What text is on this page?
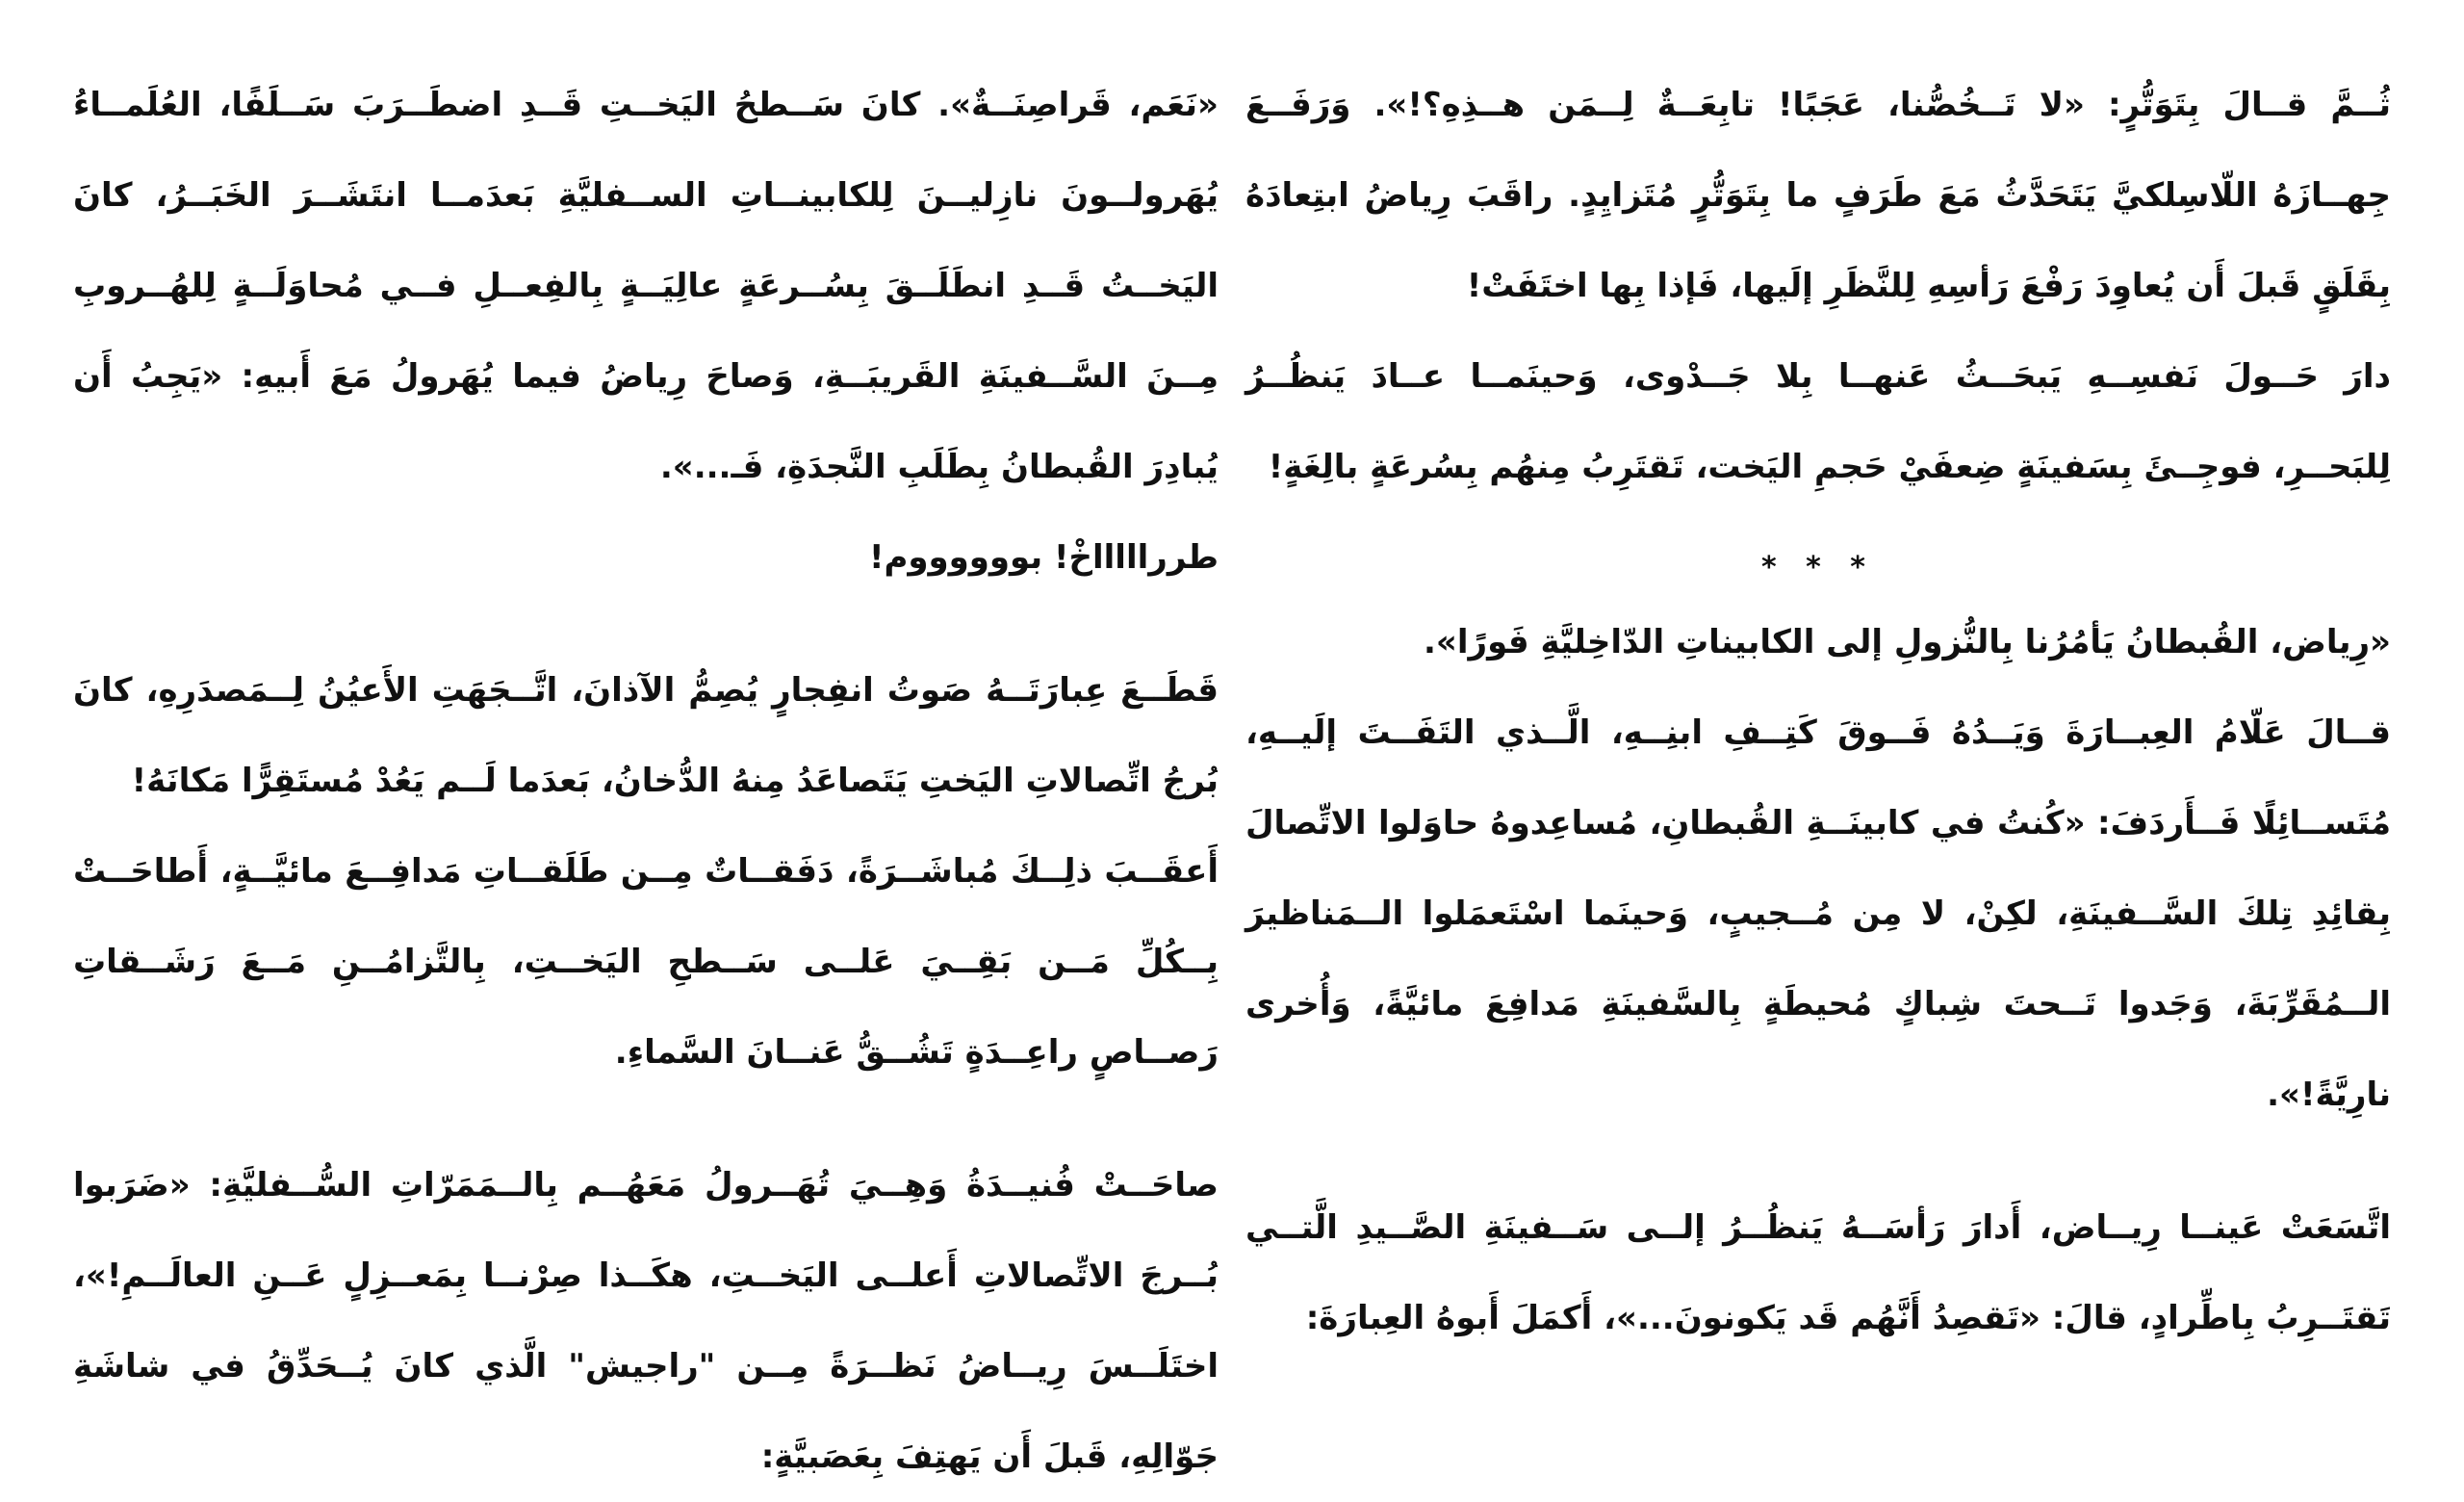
ثُــمَّ قــالَ بِتَوَتُّرٍ: «لا تَــخُصُّنا، عَجَبًا! تابِعَــةٌ لِــمَن هــذِهِ؟!». وَرَفَــعَ جِهــازَهُ اللّاسِلكيَّ يَتَحَدَّثُ مَعَ طَرَفٍ ما بِتَوَتُّرٍ مُتَزايِدٍ. راقَبَ رِياضُ ابتِعادَهُ بِقَلَقٍ قَبلَ أَن يُعاوِدَ رَفْعَ رَأسِهِ لِلنَّظَرِ إلَيها، فَإذا بِها اختَفَتْ!

دارَ حَــولَ نَفسِــهِ يَبحَــثُ عَنهــا بِلا جَــدْوى، وَحينَمــا عــادَ يَنظُــرُ لِلبَحــرِ، فوجِــئَ بِسَفينَةٍ ضِعفَيْ حَجمِ اليَخت، تَقتَرِبُ مِنهُم بِسُرعَةٍ بالِغَةٍ!

* * *

«رِياض، القُبطانُ يَأمُرُنا بِالنُّزولِ إلى الكابيناتِ الدّاخِليَّةِ فَورًا».

قــالَ عَلّامُ العِبــارَةَ وَيَــدُهُ فَــوقَ كَتِــفِ ابنِــهِ، الَّــذي التَفَــتَ إلَيــهِ، مُتَســائِلًا فَــأَردَفَ: «كُنتُ في كابينَــةِ القُبطانِ، مُساعِدوهُ حاوَلوا الاتِّصالَ بِقائِدِ تِلكَ السَّــفينَةِ، لكِنْ، لا مِن مُــجيبٍ، وَحينَما اسْتَعمَلوا الــمَناظيرَ الــمُقَرِّبَةَ، وَجَدوا تَــحتَ شِباكٍ مُحيطَةٍ بِالسَّفينَةِ مَدافِعَ مائيَّةً، وَأُخرى نارِيَّةً!».

اتَّسَعَتْ عَينــا رِيــاض، أَدارَ رَأسَــهُ يَنظُــرُ إلــى سَــفينَةِ الصَّــيدِ الَّتــي تَقتَــرِبُ بِاطِّرادٍ، قالَ: «تَقصِدُ أَنَّهُم قَد يَكونونَ...»، أَكمَلَ أَبوهُ العِبارَةَ:

«نَعَم، قَراصِنَــةٌ». كانَ سَــطحُ اليَخــتِ قَــدِ اضطَــرَبَ سَــلَفًا، العُلَمــاءُ يُهَرولــونَ نازِليــنَ لِلكابينــاتِ الســفليَّةِ بَعدَمــا انتَشَــرَ الخَبَــرُ، كانَ اليَخــتُ قَــدِ انطَلَــقَ بِسُــرعَةٍ عالِيَــةٍ بِالفِعــلِ فــي مُحاوَلَــةٍ لِلهُــروبِ مِــنَ السَّــفينَةِ القَريبَــةِ، وَصاحَ رِياضُ فيما يُهَرولُ مَعَ أَبيهِ: «يَجِبُ أَن يُبادِرَ القُبطانُ بِطَلَبِ النَّجدَةِ، فَـ...».

طرراااااخْ! بووووووم!

قَطَــعَ عِبارَتَــهُ صَوتُ انفِجارٍ يُصِمُّ الآذانَ، اتَّــجَهَتِ الأَعيُنُ لِــمَصدَرِهِ، كانَ بُرجُ اتِّصالاتِ اليَختِ يَتَصاعَدُ مِنهُ الدُّخانُ، بَعدَما لَــم يَعُدْ مُستَقِرًّا مَكانَهُ!

أَعقَــبَ ذلِــكَ مُباشَــرَةً، دَفَقــاتٌ مِــن طَلَقــاتِ مَدافِــعَ مائيَّــةٍ، أَطاحَــتْ بِــكُلِّ مَــن بَقِــيَ عَلــى سَــطحِ اليَخــتِ، بِالتَّزامُــنِ مَــعَ رَشَــقاتِ رَصــاصٍ راعِــدَةٍ تَشُــقُّ عَنــانَ السَّماءِ.

صاحَــتْ فُنيــدَةُ وَهِــيَ تُهَــرولُ مَعَهُــم بِالــمَمَرّاتِ السُّــفليَّةِ: «ضَرَبوا بُــرجَ الاتِّصالاتِ أَعلــى اليَخــتِ، هكَــذا صِرْنــا بِمَعــزِلٍ عَــنِ العالَــمِ!»، اختَلَــسَ رِيــاضُ نَظــرَةً مِــن "راجيش" الَّذي كانَ يُــحَدِّقُ في شاشَةِ جَوّالِهِ، قَبلَ أَن يَهتِفَ بِعَصَبيَّةٍ:
